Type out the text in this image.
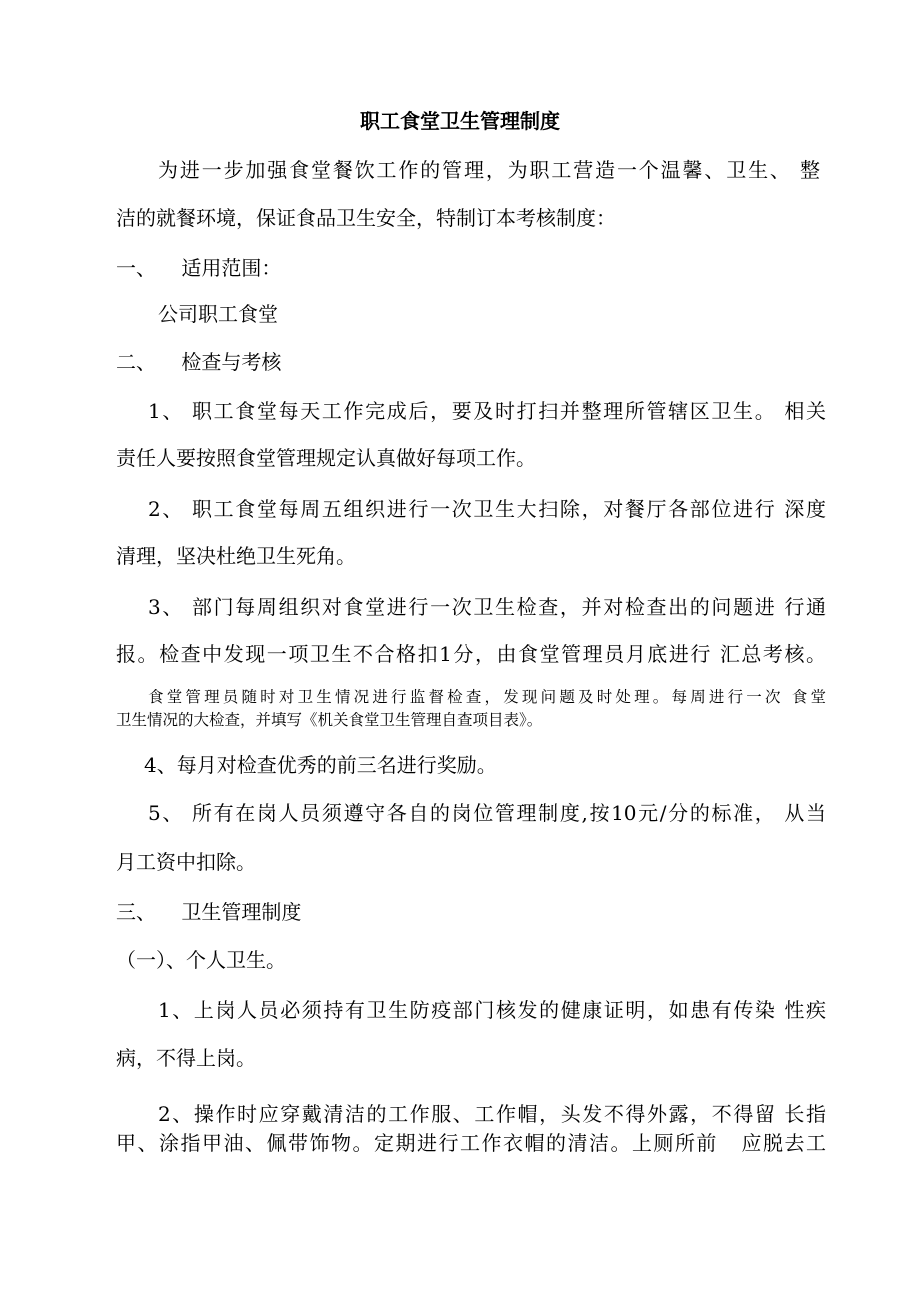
职工食堂卫生管理制度
为进一步加强食堂餐饮工作的管理，为职工营造一个温馨、卫生、 整
洁的就餐环境，保证食品卫生安全，特制订本考核制度：
一、    适用范围：
公司职工食堂
二、    检查与考核
1、 职工食堂每天工作完成后，要及时打扫并整理所管辖区卫生。 相关
责任人要按照食堂管理规定认真做好每项工作。
2、 职工食堂每周五组织进行一次卫生大扫除，对餐厅各部位进行 深度
清理，坚决杜绝卫生死角。
3、 部门每周组织对食堂进行一次卫生检查，并对检查出的问题进 行通
报。检查中发现一项卫生不合格扣1分，由食堂管理员月底进行 汇总考核。
食堂管理员随时对卫生情况进行监督检查，发现问题及时处理。每周进行一次 食堂
卫生情况的大检查，并填写《机关食堂卫生管理自查项目表》。
4、每月对检查优秀的前三名进行奖励。
5、 所有在岗人员须遵守各自的岗位管理制度,按10元/分的标准， 从当
月工资中扣除。
三、    卫生管理制度
（一）、个人卫生。
1、上岗人员必须持有卫生防疫部门核发的健康证明，如患有传染 性疾
病，不得上岗。
2、操作时应穿戴清洁的工作服、工作帽，头发不得外露，不得留 长指
甲、涂指甲油、佩带饰物。定期进行工作衣帽的清洁。上厕所前   应脱去工
